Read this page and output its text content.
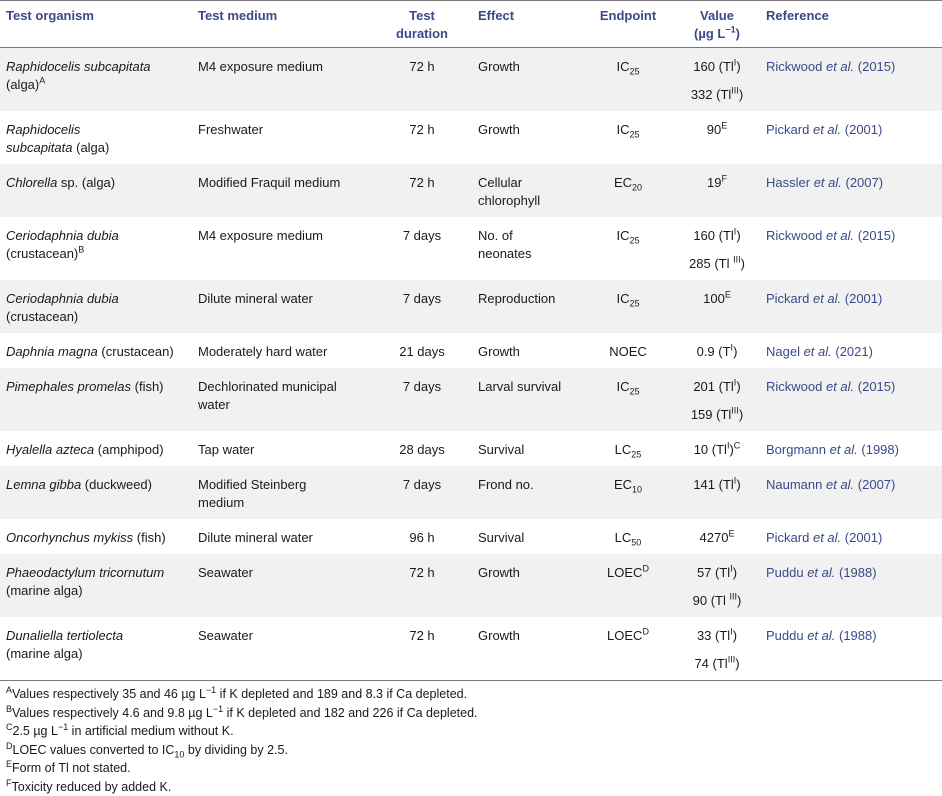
Test organism	Test medium	Test
duration	Effect	Endpoint	Value
(µg $L^{-1}$)	Reference
Raphidocelis subcapitata
$(alga)^A$	M4 exposure medium	72 h	Growth	$IC_{25}$	160 $(Tl^I)$
332 $(Tl^{III})$	Rickwood et al. (2015)
Raphidocelis
subcapitata (alga)	Freshwater	72 h	Growth	$IC_{25}$	$90^E$	Pickard et al. (2001)
Chlorella sp. (alga)	Modified Fraquil medium	72 h	Cellular
chlorophyll	$EC_{20}$	$19^F$	Hassler et al. (2007)
Ceriodaphnia dubia
(crustacean)$^B$	M4 exposure medium	7 days	No. of
neonates	$IC_{25}$	160 $(Tl^I)$
285 (Tl $^{III}$)	Rickwood et al. (2015)
Ceriodaphnia dubia
(crustacean)	Dilute mineral water	7 days	Reproduction	$IC_{25}$	$100^E$	Pickard et al. (2001)
Daphnia magna (crustacean)	Moderately hard water	21 days	Growth	NOEC	0.9 $(T^I)$	Nagel et al. (2021)
Pimephales promelas (fish)	Dechlorinated municipal
water	7 days	Larval survival	$IC_{25}$	201 $(Tl^I)$
159 $(Tl^{III})$	Rickwood et al. (2015)
Hyalella azteca (amphipod)	Tap water	28 days	Survival	$LC_{25}$	10 $(Tl^I)^C$	Borgmann et al. (1998)
Lemna gibba (duckweed)	Modified Steinberg
medium	7 days	Frond no.	$EC_{10}$	141 $(Tl^I)$	Naumann et al. (2007)
Oncorhynchus mykiss (fish)	Dilute mineral water	96 h	Survival	$LC_{50}$	$4270^E$	Pickard et al. (2001)
Phaeodactylum tricornutum
(marine alga)	Seawater	72 h	Growth	$LOEC^D$	57 $(Tl^I)$
90 (Tl $^{III}$)	Puddu et al. (1988)
Dunaliella tertiolecta
(marine alga)	Seawater	72 h	Growth	$LOEC^D$	33 $(Tl^I)$
74 $(Tl^{III})$	Puddu et al. (1988)
$^A$Values respectively 35 and 46 µg $L^{-1}$ if K depleted and 189 and 8.3 if Ca depleted.
$^B$Values respectively 4.6 and 9.8 µg $L^{-1}$ if K depleted and 182 and 226 if Ca depleted.
$^C$2.5 µg $L^{-1}$ in artificial medium without K.
$^D$LOEC values converted to $IC_{10}$ by dividing by 2.5.
$^E$Form of Tl not stated.
$^F$Toxicity reduced by added K.
